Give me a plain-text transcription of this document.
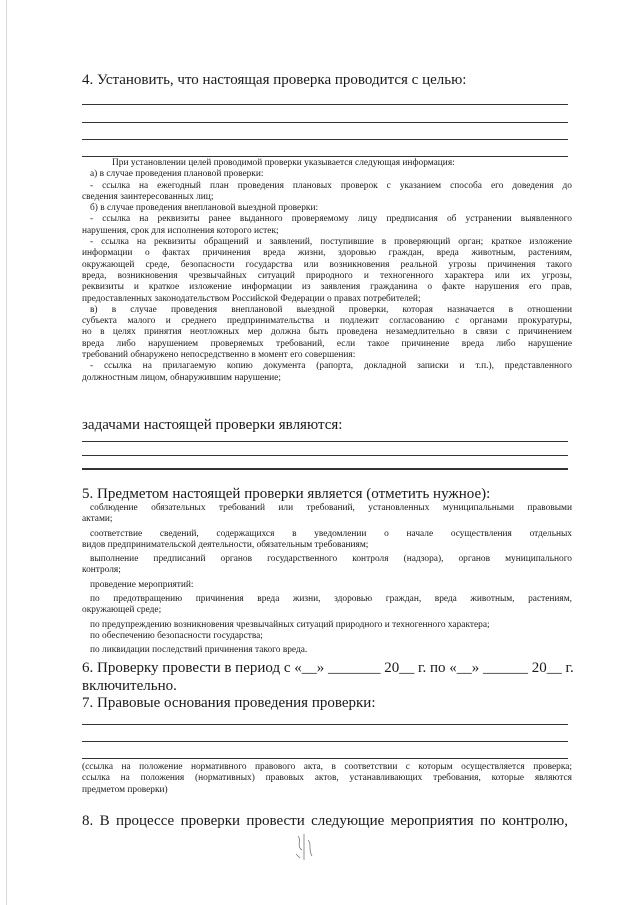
4. Установить, что настоящая проверка проводится с целью:
При установлении целей проводимой проверки указывается следующая информация:
а) в случае проведения плановой проверки:
- ссылка на ежегодный план проведения плановых проверок с указанием способа его доведения до
сведения заинтересованных лиц;
б) в случае проведения внеплановой выездной проверки:
- ссылка на реквизиты ранее выданного проверяемому лицу предписания об устранении выявленного
нарушения, срок для исполнения которого истек;
- ссылка на реквизиты обращений и заявлений, поступившие в проверяющий орган; краткое изложение
информации о фактах причинения вреда жизни, здоровью граждан, вреда животным, растениям,
окружающей среде, безопасности государства или возникновения реальной угрозы причинения такого
вреда, возникновения чрезвычайных ситуаций природного и техногенного характера или их угрозы,
реквизиты и краткое изложение информации из заявления гражданина о факте нарушения его прав,
предоставленных законодательством Российской Федерации о правах потребителей;
в) в случае проведения внеплановой выездной проверки, которая назначается в отношении
субъекта малого и среднего предпринимательства и подлежит согласованию с органами прокуратуры,
но в целях принятия неотложных мер должна быть проведена незамедлительно в связи с причинением
вреда либо нарушением проверяемых требований, если такое причинение вреда либо нарушение
требований обнаружено непосредственно в момент его совершения:
- ссылка на прилагаемую копию документа (рапорта, докладной записки и т.п.), представленного
должностным лицом, обнаружившим нарушение;
задачами настоящей проверки являются:
5. Предметом настоящей проверки является (отметить нужное):
соблюдение обязательных требований или требований, установленных муниципальными правовыми
актами;
соответствие сведений, содержащихся в уведомлении о начале осуществления отдельных
видов предпринимательской деятельности, обязательным требованиям;
выполнение предписаний органов государственного контроля (надзора), органов муниципального
контроля;
проведение мероприятий:
по предотвращению причинения вреда жизни, здоровью граждан, вреда животным, растениям,
окружающей среде;
по предупреждению возникновения чрезвычайных ситуаций природного и техногенного характера;
по обеспечению безопасности государства;
по ликвидации последствий причинения такого вреда.
6. Проверку провести в период с «__» _______ 20__ г. по «__» ______ 20__ г.
включительно.
7. Правовые основания проведения проверки:
(ссылка на положение нормативного правового акта, в соответствии с которым осуществляется проверка;
ссылка на положения (нормативных) правовых актов, устанавливающих требования, которые являются
предметом проверки)
8. В процессе проверки провести следующие мероприятия по контролю,
